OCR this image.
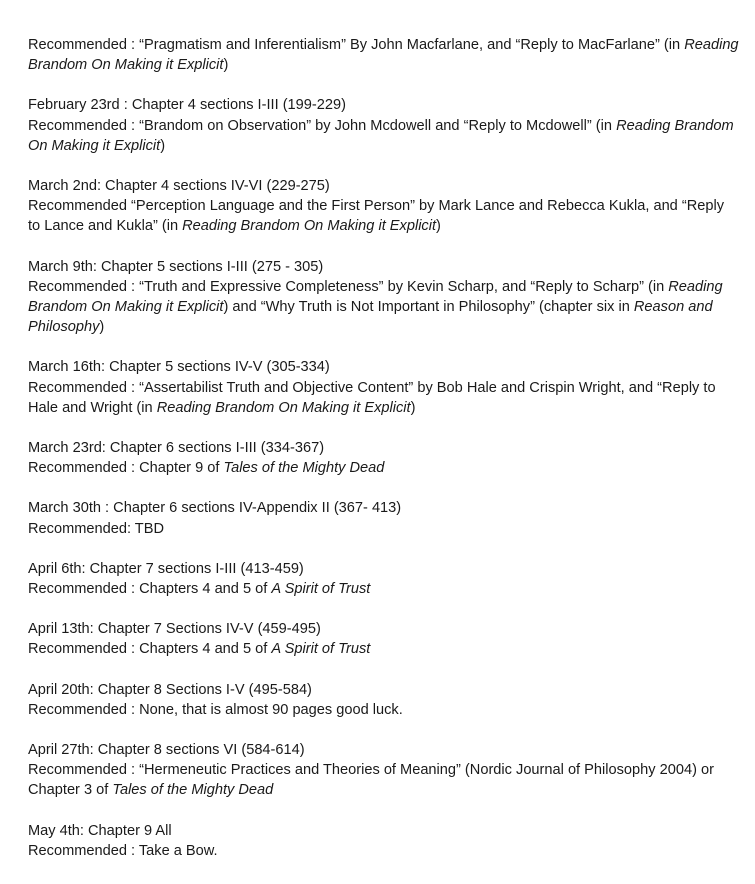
Recommended : “Pragmatism and Inferentialism” By John Macfarlane, and “Reply to MacFarlane” (in Reading Brandom On Making it Explicit)
February 23rd : Chapter 4 sections I-III (199-229)
Recommended : “Brandom on Observation” by John Mcdowell and “Reply to Mcdowell” (in Reading Brandom On Making it Explicit)
March 2nd: Chapter 4 sections IV-VI (229-275)
Recommended “Perception Language and the First Person” by Mark Lance and Rebecca Kukla, and “Reply to Lance and Kukla” (in Reading Brandom On Making it Explicit)
March 9th: Chapter 5 sections I-III (275 - 305)
Recommended : “Truth and Expressive Completeness” by Kevin Scharp, and “Reply to Scharp” (in Reading Brandom On Making it Explicit) and “Why Truth is Not Important in Philosophy” (chapter six in Reason and Philosophy)
March 16th: Chapter 5 sections IV-V (305-334)
Recommended : “Assertabilist Truth and Objective Content” by Bob Hale and Crispin Wright, and “Reply to Hale and Wright (in Reading Brandom On Making it Explicit)
March 23rd: Chapter 6 sections I-III (334-367)
Recommended : Chapter 9 of Tales of the Mighty Dead
March 30th : Chapter 6 sections IV-Appendix II (367- 413)
Recommended: TBD
April 6th: Chapter 7 sections I-III (413-459)
Recommended : Chapters 4 and 5 of A Spirit of Trust
April 13th: Chapter 7 Sections IV-V (459-495)
Recommended : Chapters 4 and 5 of A Spirit of Trust
April 20th: Chapter 8 Sections I-V (495-584)
Recommended : None, that is almost 90 pages good luck.
April 27th: Chapter 8 sections VI (584-614)
Recommended : “Hermeneutic Practices and Theories of Meaning” (Nordic Journal of Philosophy 2004) or Chapter 3 of Tales of the Mighty Dead
May 4th: Chapter 9 All
Recommended : Take a Bow.
